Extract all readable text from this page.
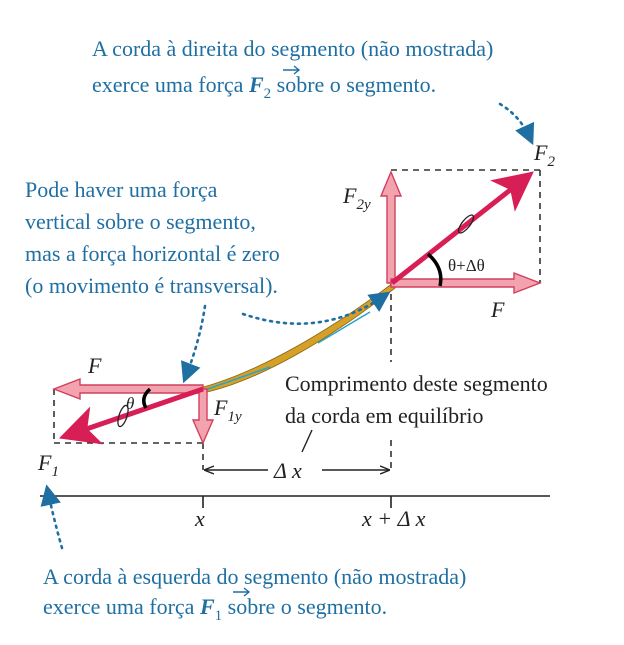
$F_2$
$F_{2y}$
F
θ+Δθ
F
θ	$F_{1y}$
$F_1$	Δ x
x	x + Δ x
A corda à direita do segmento (não mostrada)
exerce uma força $F_2$ sobre o segmento.
Pode haver uma força
vertical sobre o segmento,
mas a força horizontal é zero
(o movimento é transversal).
Comprimento deste segmento
da corda em equilíbrio
A corda à esquerda do segmento (não mostrada)
exerce uma força $F_1$ sobre o segmento.
